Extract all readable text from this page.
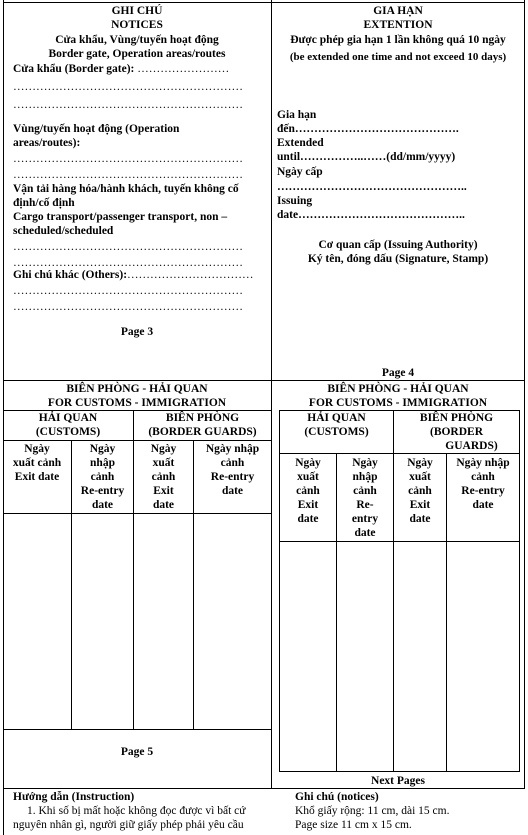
GHI CHÚ
NOTICES
Cửa khẩu, Vùng/tuyến hoạt động
Border gate, Operation areas/routes
Cửa khẩu (Border gate): ……………………
……………………………………………………
……………………………………………………
Vùng/tuyến hoạt động (Operation
areas/routes):
……………………………………………………
……………………………………………………
Vận tải hàng hóa/hành khách, tuyến không cố
định/cố định
Cargo transport/passenger transport, non –
scheduled/scheduled
……………………………………………………
……………………………………………………
Ghi chú khác (Others):……………………………
……………………………………………………
……………………………………………………
Page 3
GIA HẠN
EXTENTION
Được phép gia hạn 1 lần không quá 10 ngày
(be extended one time and not exceed 10 days)
Gia hạn
đến…………………………………….
Extended
until……………..……(dd/mm/yyyy)
Ngày cấp
…………………………………………..
Issuing
date……………………………………..
Cơ quan cấp (Issuing Authority)
Ký tên, đóng dấu (Signature, Stamp)
Page 4
BIÊN PHÒNG - HẢI QUAN
FOR CUSTOMS - IMMIGRATION
HẢI QUAN
(CUSTOMS)
BIÊN PHÒNG
(BORDER GUARDS)
Ngày
xuất cảnh
Exit date
Ngày
nhập
cảnh
Re-entry
date
Ngày
xuất
cảnh
Exit
date
Ngày nhập
cảnh
Re-entry
date
Page 5
BIÊN PHÒNG - HẢI QUAN
FOR CUSTOMS - IMMIGRATION
HẢI QUAN
(CUSTOMS)
BIÊN PHÒNG
(BORDER
GUARDS)
Ngày
xuất
cảnh
Exit
date
Ngày
nhập
cảnh
Re-
entry
date
Ngày
xuất
cảnh
Exit
date
Ngày nhập
cảnh
Re-entry
date
Next Pages
Hướng dẫn (Instruction)
1. Khi số bị mất hoặc không đọc được vì bất cứ
nguyên nhân gì, người giữ giấy phép phải yêu cầu
Ghi chú (notices)
Khổ giấy rộng: 11 cm, dài 15 cm.
Page size 11 cm x 15 cm.
